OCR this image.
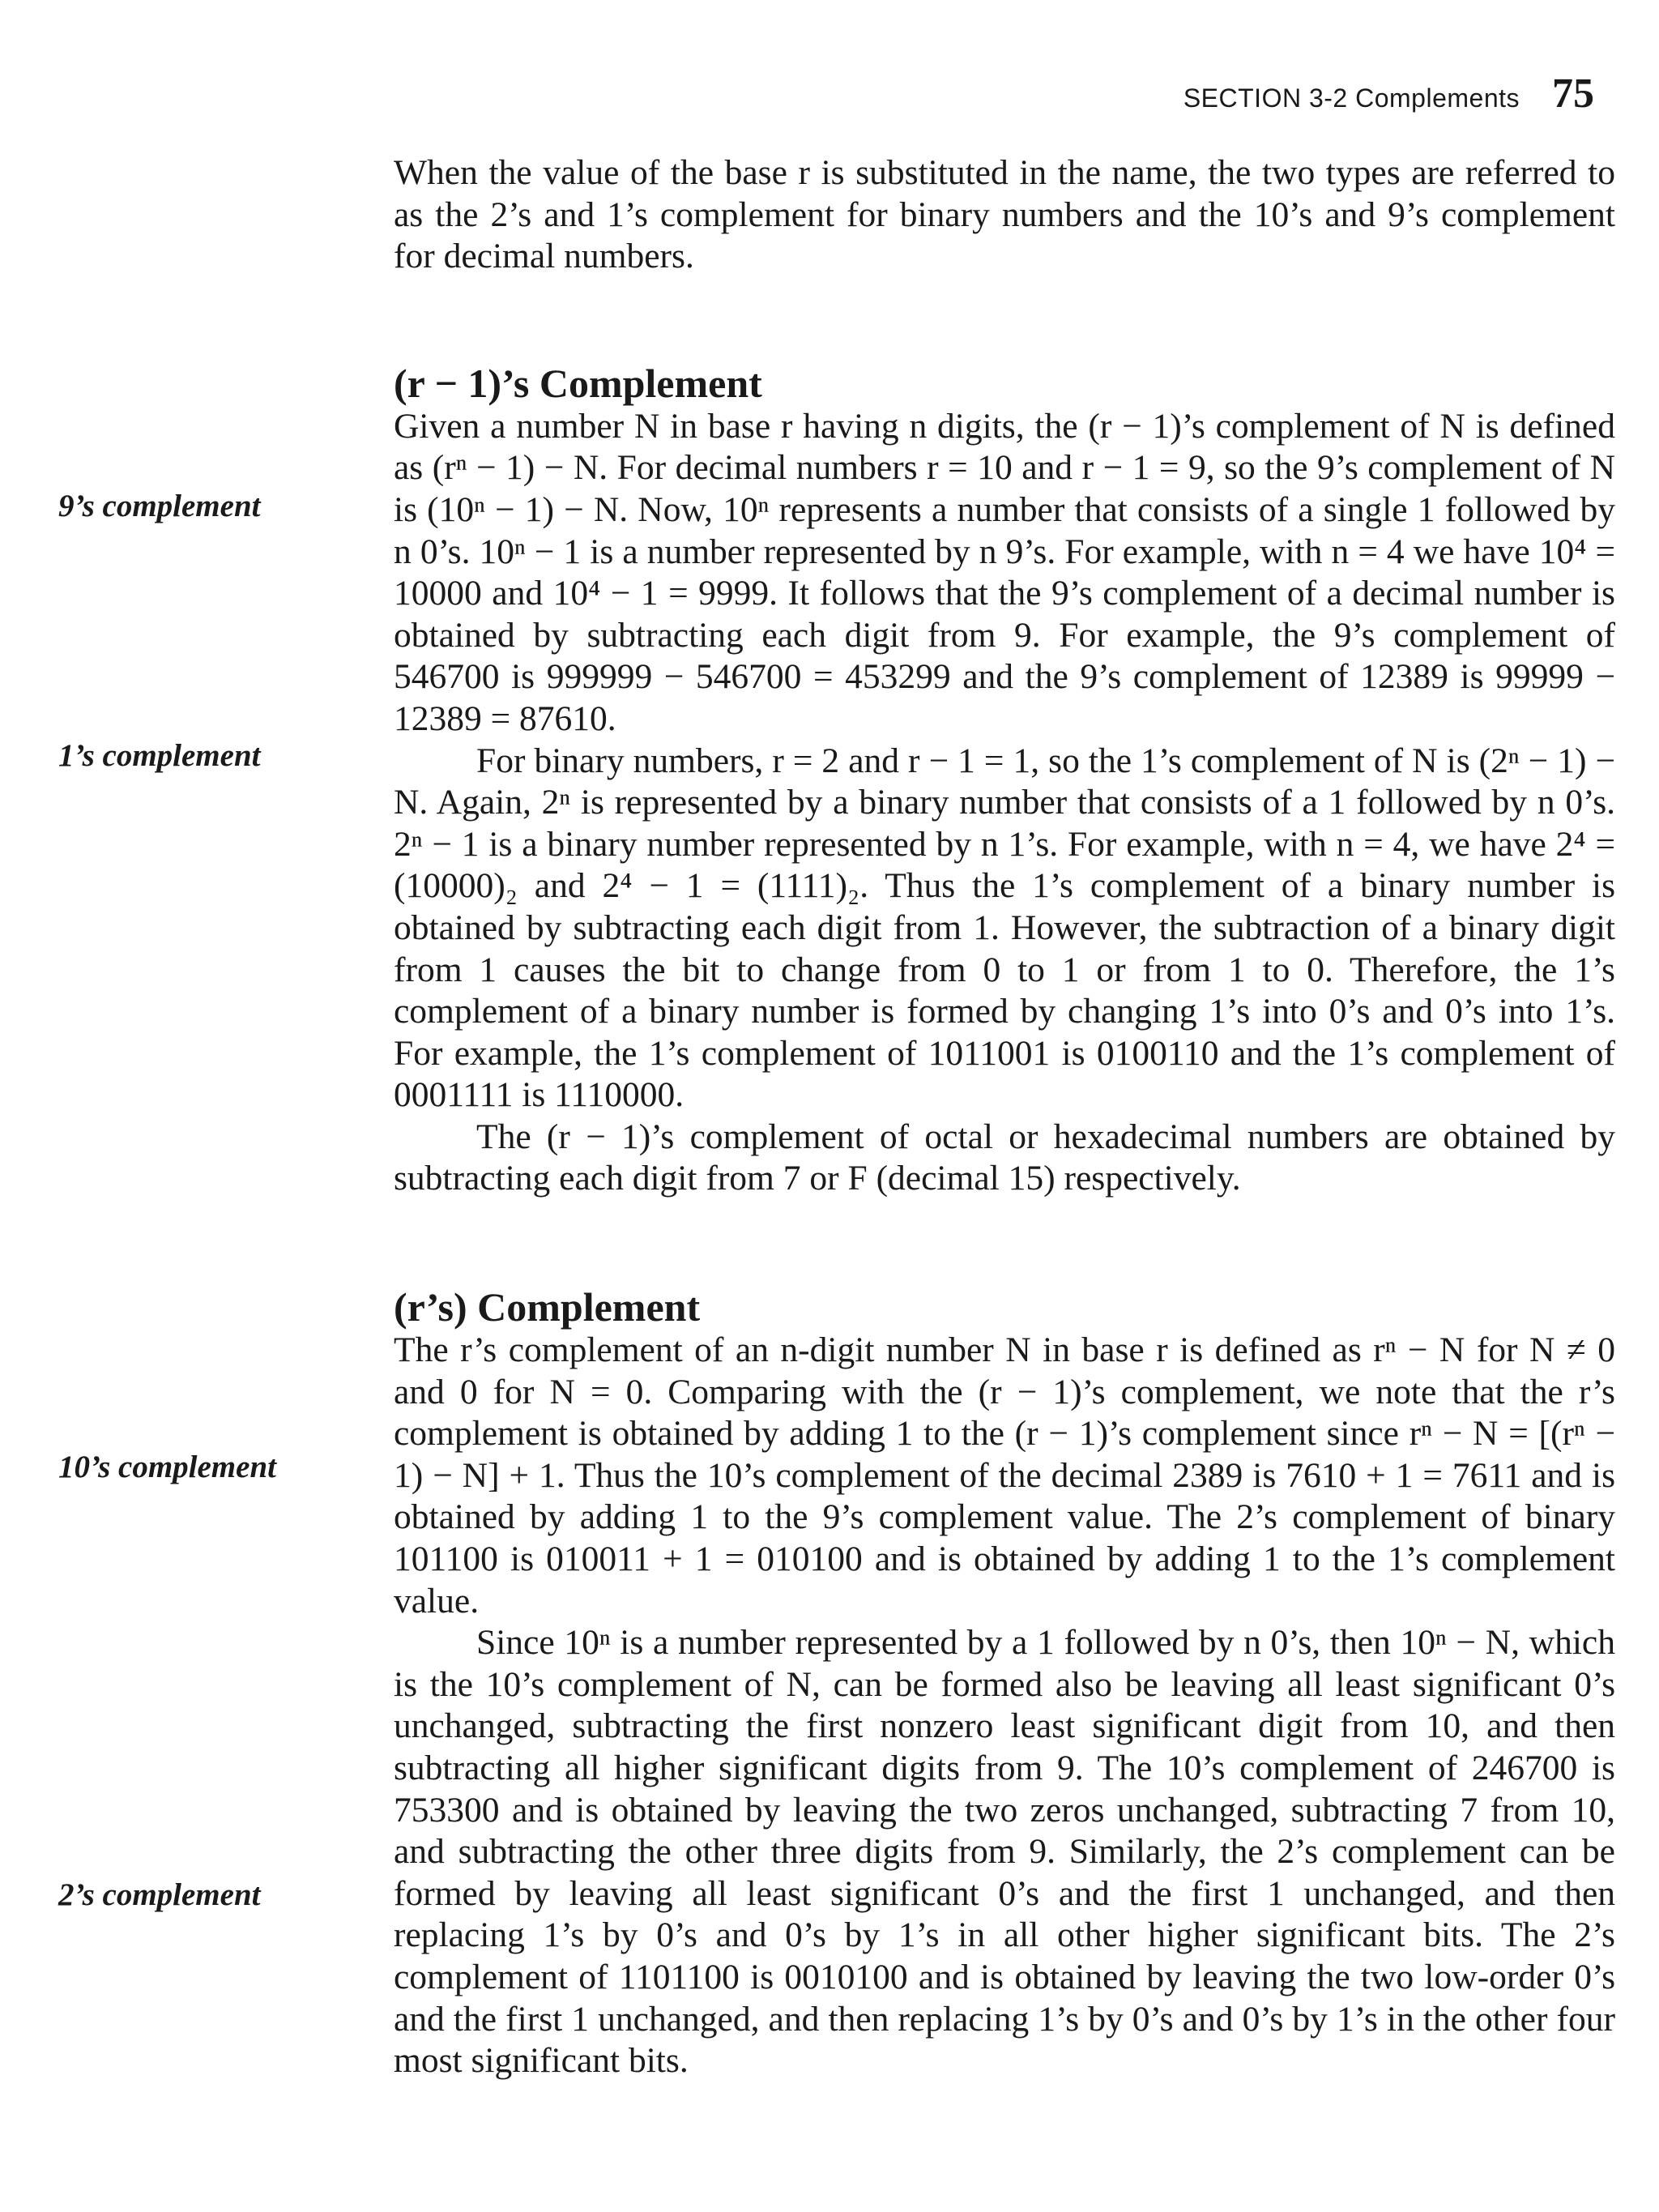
SECTION 3-2 Complements 75

When the value of the base r is substituted in the name, the two types are referred to as the 2’s and 1’s complement for binary numbers and the 10’s and 9’s complement for decimal numbers.

(r − 1)’s Complement

Given a number N in base r having n digits, the (r − 1)’s complement of N is defined as (rⁿ − 1) − N. For decimal numbers r = 10 and r − 1 = 9, so the 9’s complement of N is (10ⁿ − 1) − N. Now, 10ⁿ represents a number that consists of a single 1 followed by n 0’s. 10ⁿ − 1 is a number represented by n 9’s. For example, with n = 4 we have 10⁴ = 10000 and 10⁴ − 1 = 9999. It follows that the 9’s complement of a decimal number is obtained by subtracting each digit from 9. For example, the 9’s complement of 546700 is 999999 − 546700 = 453299 and the 9’s complement of 12389 is 99999 − 12389 = 87610.

For binary numbers, r = 2 and r − 1 = 1, so the 1’s complement of N is (2ⁿ − 1) − N. Again, 2ⁿ is represented by a binary number that consists of a 1 followed by n 0’s. 2ⁿ − 1 is a binary number represented by n 1’s. For example, with n = 4, we have 2⁴ = (10000)₂ and 2⁴ − 1 = (1111)₂. Thus the 1’s complement of a binary number is obtained by subtracting each digit from 1. However, the subtraction of a binary digit from 1 causes the bit to change from 0 to 1 or from 1 to 0. Therefore, the 1’s complement of a binary number is formed by changing 1’s into 0’s and 0’s into 1’s. For example, the 1’s complement of 1011001 is 0100110 and the 1’s complement of 0001111 is 1110000.

The (r − 1)’s complement of octal or hexadecimal numbers are obtained by subtracting each digit from 7 or F (decimal 15) respectively.

(r’s) Complement

The r’s complement of an n-digit number N in base r is defined as rⁿ − N for N ≠ 0 and 0 for N = 0. Comparing with the (r − 1)’s complement, we note that the r’s complement is obtained by adding 1 to the (r − 1)’s complement since rⁿ − N = [(rⁿ − 1) − N] + 1. Thus the 10’s complement of the decimal 2389 is 7610 + 1 = 7611 and is obtained by adding 1 to the 9’s complement value. The 2’s complement of binary 101100 is 010011 + 1 = 010100 and is obtained by adding 1 to the 1’s complement value.

Since 10ⁿ is a number represented by a 1 followed by n 0’s, then 10ⁿ − N, which is the 10’s complement of N, can be formed also be leaving all least significant 0’s unchanged, subtracting the first nonzero least significant digit from 10, and then subtracting all higher significant digits from 9. The 10’s complement of 246700 is 753300 and is obtained by leaving the two zeros unchanged, subtracting 7 from 10, and subtracting the other three digits from 9. Similarly, the 2’s complement can be formed by leaving all least significant 0’s and the first 1 unchanged, and then replacing 1’s by 0’s and 0’s by 1’s in all other higher significant bits. The 2’s complement of 1101100 is 0010100 and is obtained by leaving the two low-order 0’s and the first 1 unchanged, and then replacing 1’s by 0’s and 0’s by 1’s in the other four most significant bits.

9’s complement
1’s complement
10’s complement
2’s complement
